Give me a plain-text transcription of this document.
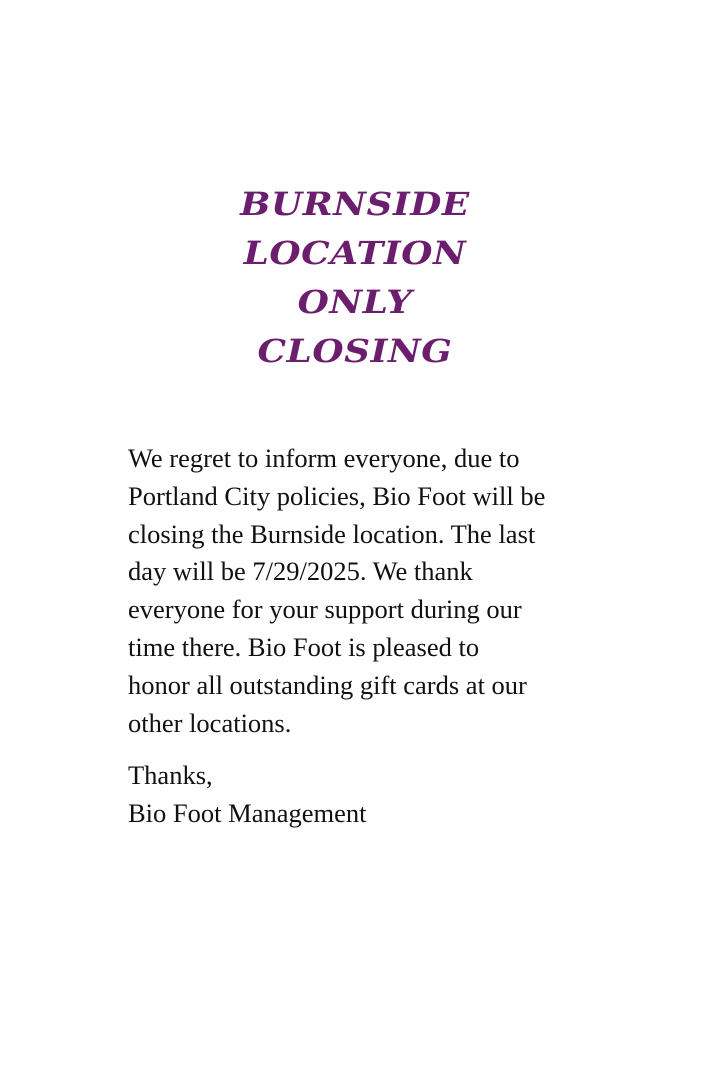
BURNSIDE
LOCATION
ONLY
CLOSING

We regret to inform everyone, due to
Portland City policies, Bio Foot will be
closing the Burnside location. The last
day will be 7/29/2025. We thank
everyone for your support during our
time there. Bio Foot is pleased to
honor all outstanding gift cards at our
other locations.

Thanks,
Bio Foot Management
